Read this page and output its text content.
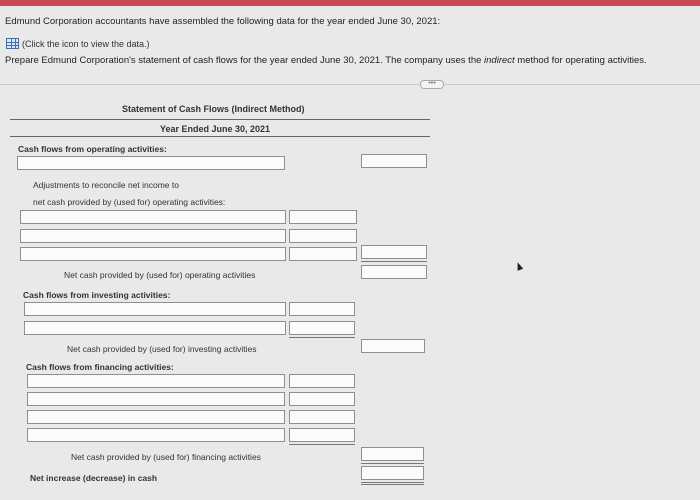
Edmund Corporation accountants have assembled the following data for the year ended June 30, 2021:
(Click the icon to view the data.)
Prepare Edmund Corporation's statement of cash flows for the year ended June 30, 2021. The company uses the indirect method for operating activities.
•••
Statement of Cash Flows (Indirect Method)
Year Ended June 30, 2021
Cash flows from operating activities:
Adjustments to reconcile net income to
net cash provided by (used for) operating activities:
Net cash provided by (used for) operating activities
Cash flows from investing activities:
Net cash provided by (used for) investing activities
Cash flows from financing activities:
Net cash provided by (used for) financing activities
Net increase (decrease) in cash
